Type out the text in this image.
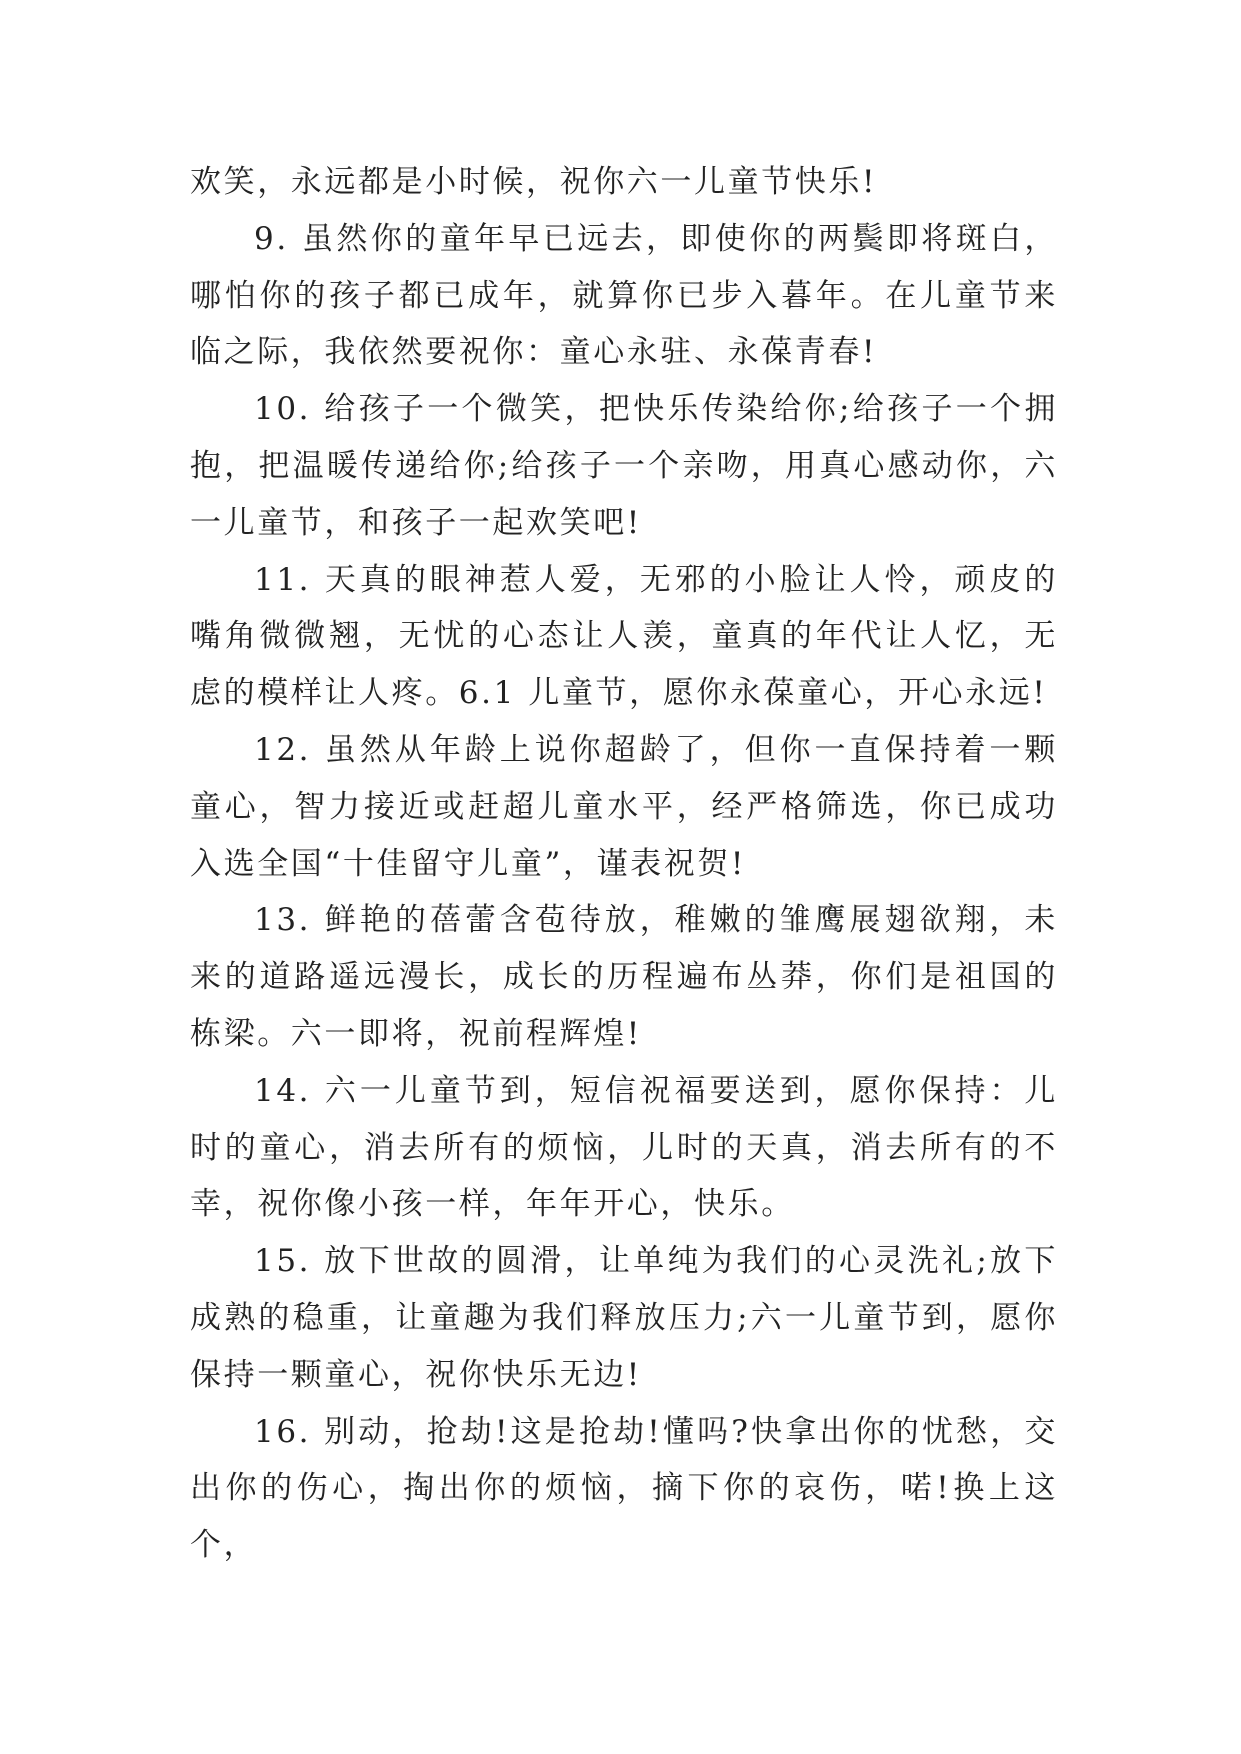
欢笑，永远都是小时候，祝你六一儿童节快乐!

9. 虽然你的童年早已远去，即使你的两鬓即将斑白，哪怕你的孩子都已成年，就算你已步入暮年。在儿童节来临之际，我依然要祝你：童心永驻、永葆青春!

10. 给孩子一个微笑，把快乐传染给你;给孩子一个拥抱，把温暖传递给你;给孩子一个亲吻，用真心感动你，六一儿童节，和孩子一起欢笑吧!

11. 天真的眼神惹人爱，无邪的小脸让人怜，顽皮的嘴角微微翘，无忧的心态让人羡，童真的年代让人忆，无虑的模样让人疼。6.1 儿童节，愿你永葆童心，开心永远!

12. 虽然从年龄上说你超龄了，但你一直保持着一颗童心，智力接近或赶超儿童水平，经严格筛选，你已成功入选全国“十佳留守儿童”，谨表祝贺!

13. 鲜艳的蓓蕾含苞待放，稚嫩的雏鹰展翅欲翔，未来的道路遥远漫长，成长的历程遍布丛莽，你们是祖国的栋梁。六一即将，祝前程辉煌!

14. 六一儿童节到，短信祝福要送到，愿你保持：儿时的童心，消去所有的烦恼，儿时的天真，消去所有的不幸，祝你像小孩一样，年年开心，快乐。

15. 放下世故的圆滑，让单纯为我们的心灵洗礼;放下成熟的稳重，让童趣为我们释放压力;六一儿童节到，愿你保持一颗童心，祝你快乐无边!

16. 别动，抢劫!这是抢劫!懂吗?快拿出你的忧愁，交出你的伤心，掏出你的烦恼，摘下你的哀伤，喏!换上这个，
